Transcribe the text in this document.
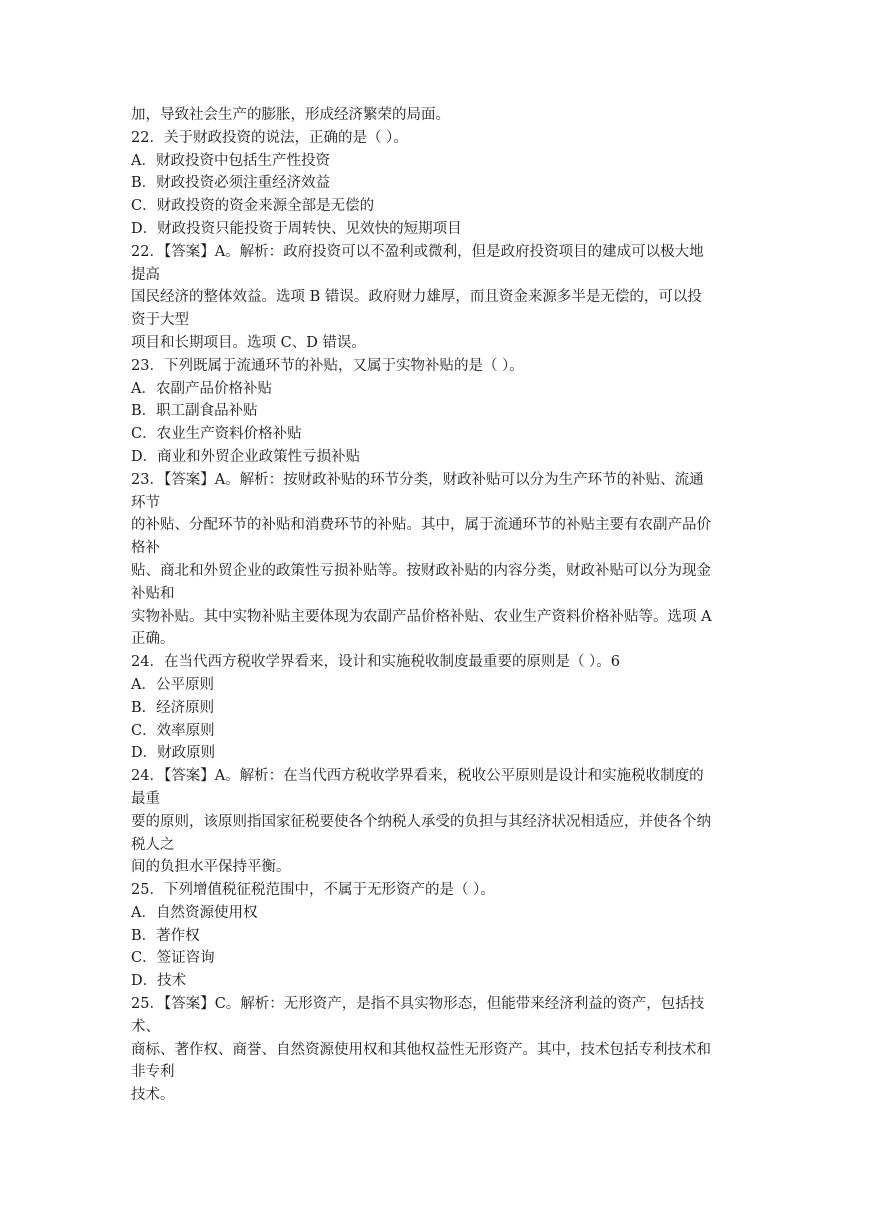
加，导致社会生产的膨胀，形成经济繁荣的局面。
22．关于财政投资的说法，正确的是（ ）。
A．财政投资中包括生产性投资
B．财政投资必须注重经济效益
C．财政投资的资金来源全部是无偿的
D．财政投资只能投资于周转快、见效快的短期项目
22．【答案】A。解析：政府投资可以不盈利或微利，但是政府投资项目的建成可以极大地
提高
国民经济的整体效益。选项 B 错误。政府财力雄厚，而且资金来源多半是无偿的，可以投
资于大型
项目和长期项目。选项 C、D 错误。
23．下列既属于流通环节的补贴，又属于实物补贴的是（ ）。
A．农副产品价格补贴
B．职工副食品补贴
C．农业生产资料价格补贴
D．商业和外贸企业政策性亏损补贴
23．【答案】A。解析：按财政补贴的环节分类，财政补贴可以分为生产环节的补贴、流通
环节
的补贴、分配环节的补贴和消费环节的补贴。其中，属于流通环节的补贴主要有农副产品价
格补
贴、商北和外贸企业的政策性亏损补贴等。按财政补贴的内容分类，财政补贴可以分为现金
补贴和
实物补贴。其中实物补贴主要体现为农副产品价格补贴、农业生产资料价格补贴等。选项 A
正确。
24．在当代西方税收学界看来，设计和实施税收制度最重要的原则是（ ）。6
A．公平原则
B．经济原则
C．效率原则
D．财政原则
24．【答案】A。解析：在当代西方税收学界看来，税收公平原则是设计和实施税收制度的
最重
要的原则，该原则指国家征税要使各个纳税人承受的负担与其经济状况相适应，并使各个纳
税人之
间的负担水平保持平衡。
25．下列增值税征税范围中，不属于无形资产的是（ ）。
A．自然资源使用权
B．著作权
C．签证咨询
D．技术
25．【答案】C。解析：无形资产，是指不具实物形态，但能带来经济利益的资产，包括技
术、
商标、著作权、商誉、自然资源使用权和其他权益性无形资产。其中，技术包括专利技术和
非专利
技术。
